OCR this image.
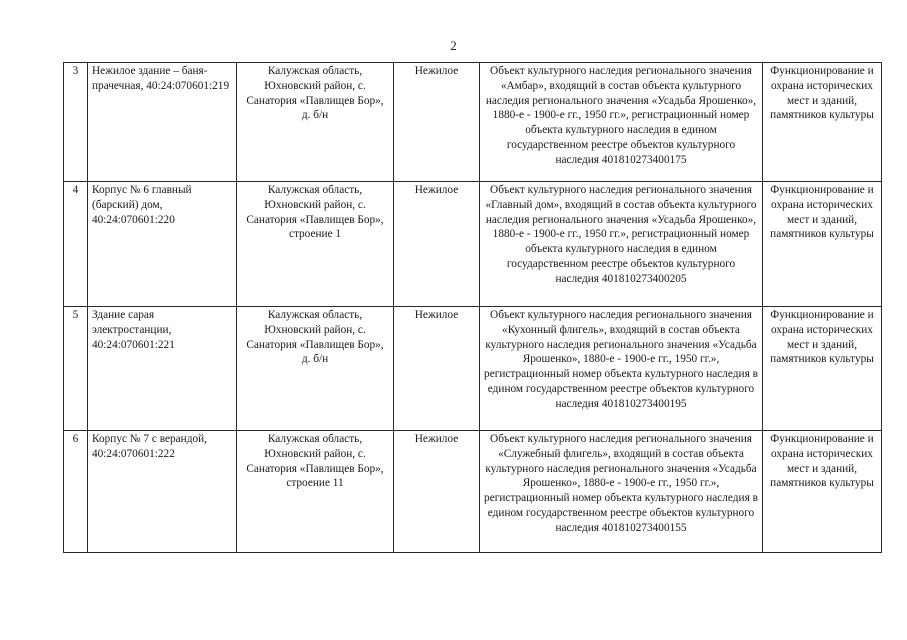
2
3	Нежилое здание – баня-прачечная, 40:24:070601:219	Калужская область, Юхновский район, с. Санатория «Павлищев Бор», д. б/н	Нежилое	Объект культурного наследия регионального значения «Амбар», входящий в состав объекта культурного наследия регионального значения «Усадьба Ярошенко», 1880-е - 1900-е гг., 1950 гг.», регистрационный номер объекта культурного наследия в едином государственном реестре объектов культурного наследия 401810273400175	Функционирование и охрана исторических мест и зданий, памятников культуры
4	Корпус № 6 главный (барский) дом, 40:24:070601:220	Калужская область, Юхновский район, с. Санатория «Павлищев Бор», строение 1	Нежилое	Объект культурного наследия регионального значения «Главный дом», входящий в состав объекта культурного наследия регионального значения «Усадьба Ярошенко», 1880-е - 1900-е гг., 1950 гг.», регистрационный номер объекта культурного наследия в едином государственном реестре объектов культурного наследия 401810273400205	Функционирование и охрана исторических мест и зданий, памятников культуры
5	Здание сарая электростанции, 40:24:070601:221	Калужская область, Юхновский район, с. Санатория «Павлищев Бор», д. б/н	Нежилое	Объект культурного наследия регионального значения «Кухонный флигель», входящий в состав объекта культурного наследия регионального значения «Усадьба Ярошенко», 1880-е - 1900-е гг., 1950 гг.», регистрационный номер объекта культурного наследия в едином государственном реестре объектов культурного наследия 401810273400195	Функционирование и охрана исторических мест и зданий, памятников культуры
6	Корпус № 7 с верандой, 40:24:070601:222	Калужская область, Юхновский район, с. Санатория «Павлищев Бор», строение 11	Нежилое	Объект культурного наследия регионального значения «Служебный флигель», входящий в состав объекта культурного наследия регионального значения «Усадьба Ярошенко», 1880-е - 1900-е гг., 1950 гг.», регистрационный номер объекта культурного наследия в едином государственном реестре объектов культурного наследия 401810273400155	Функционирование и охрана исторических мест и зданий, памятников культуры
